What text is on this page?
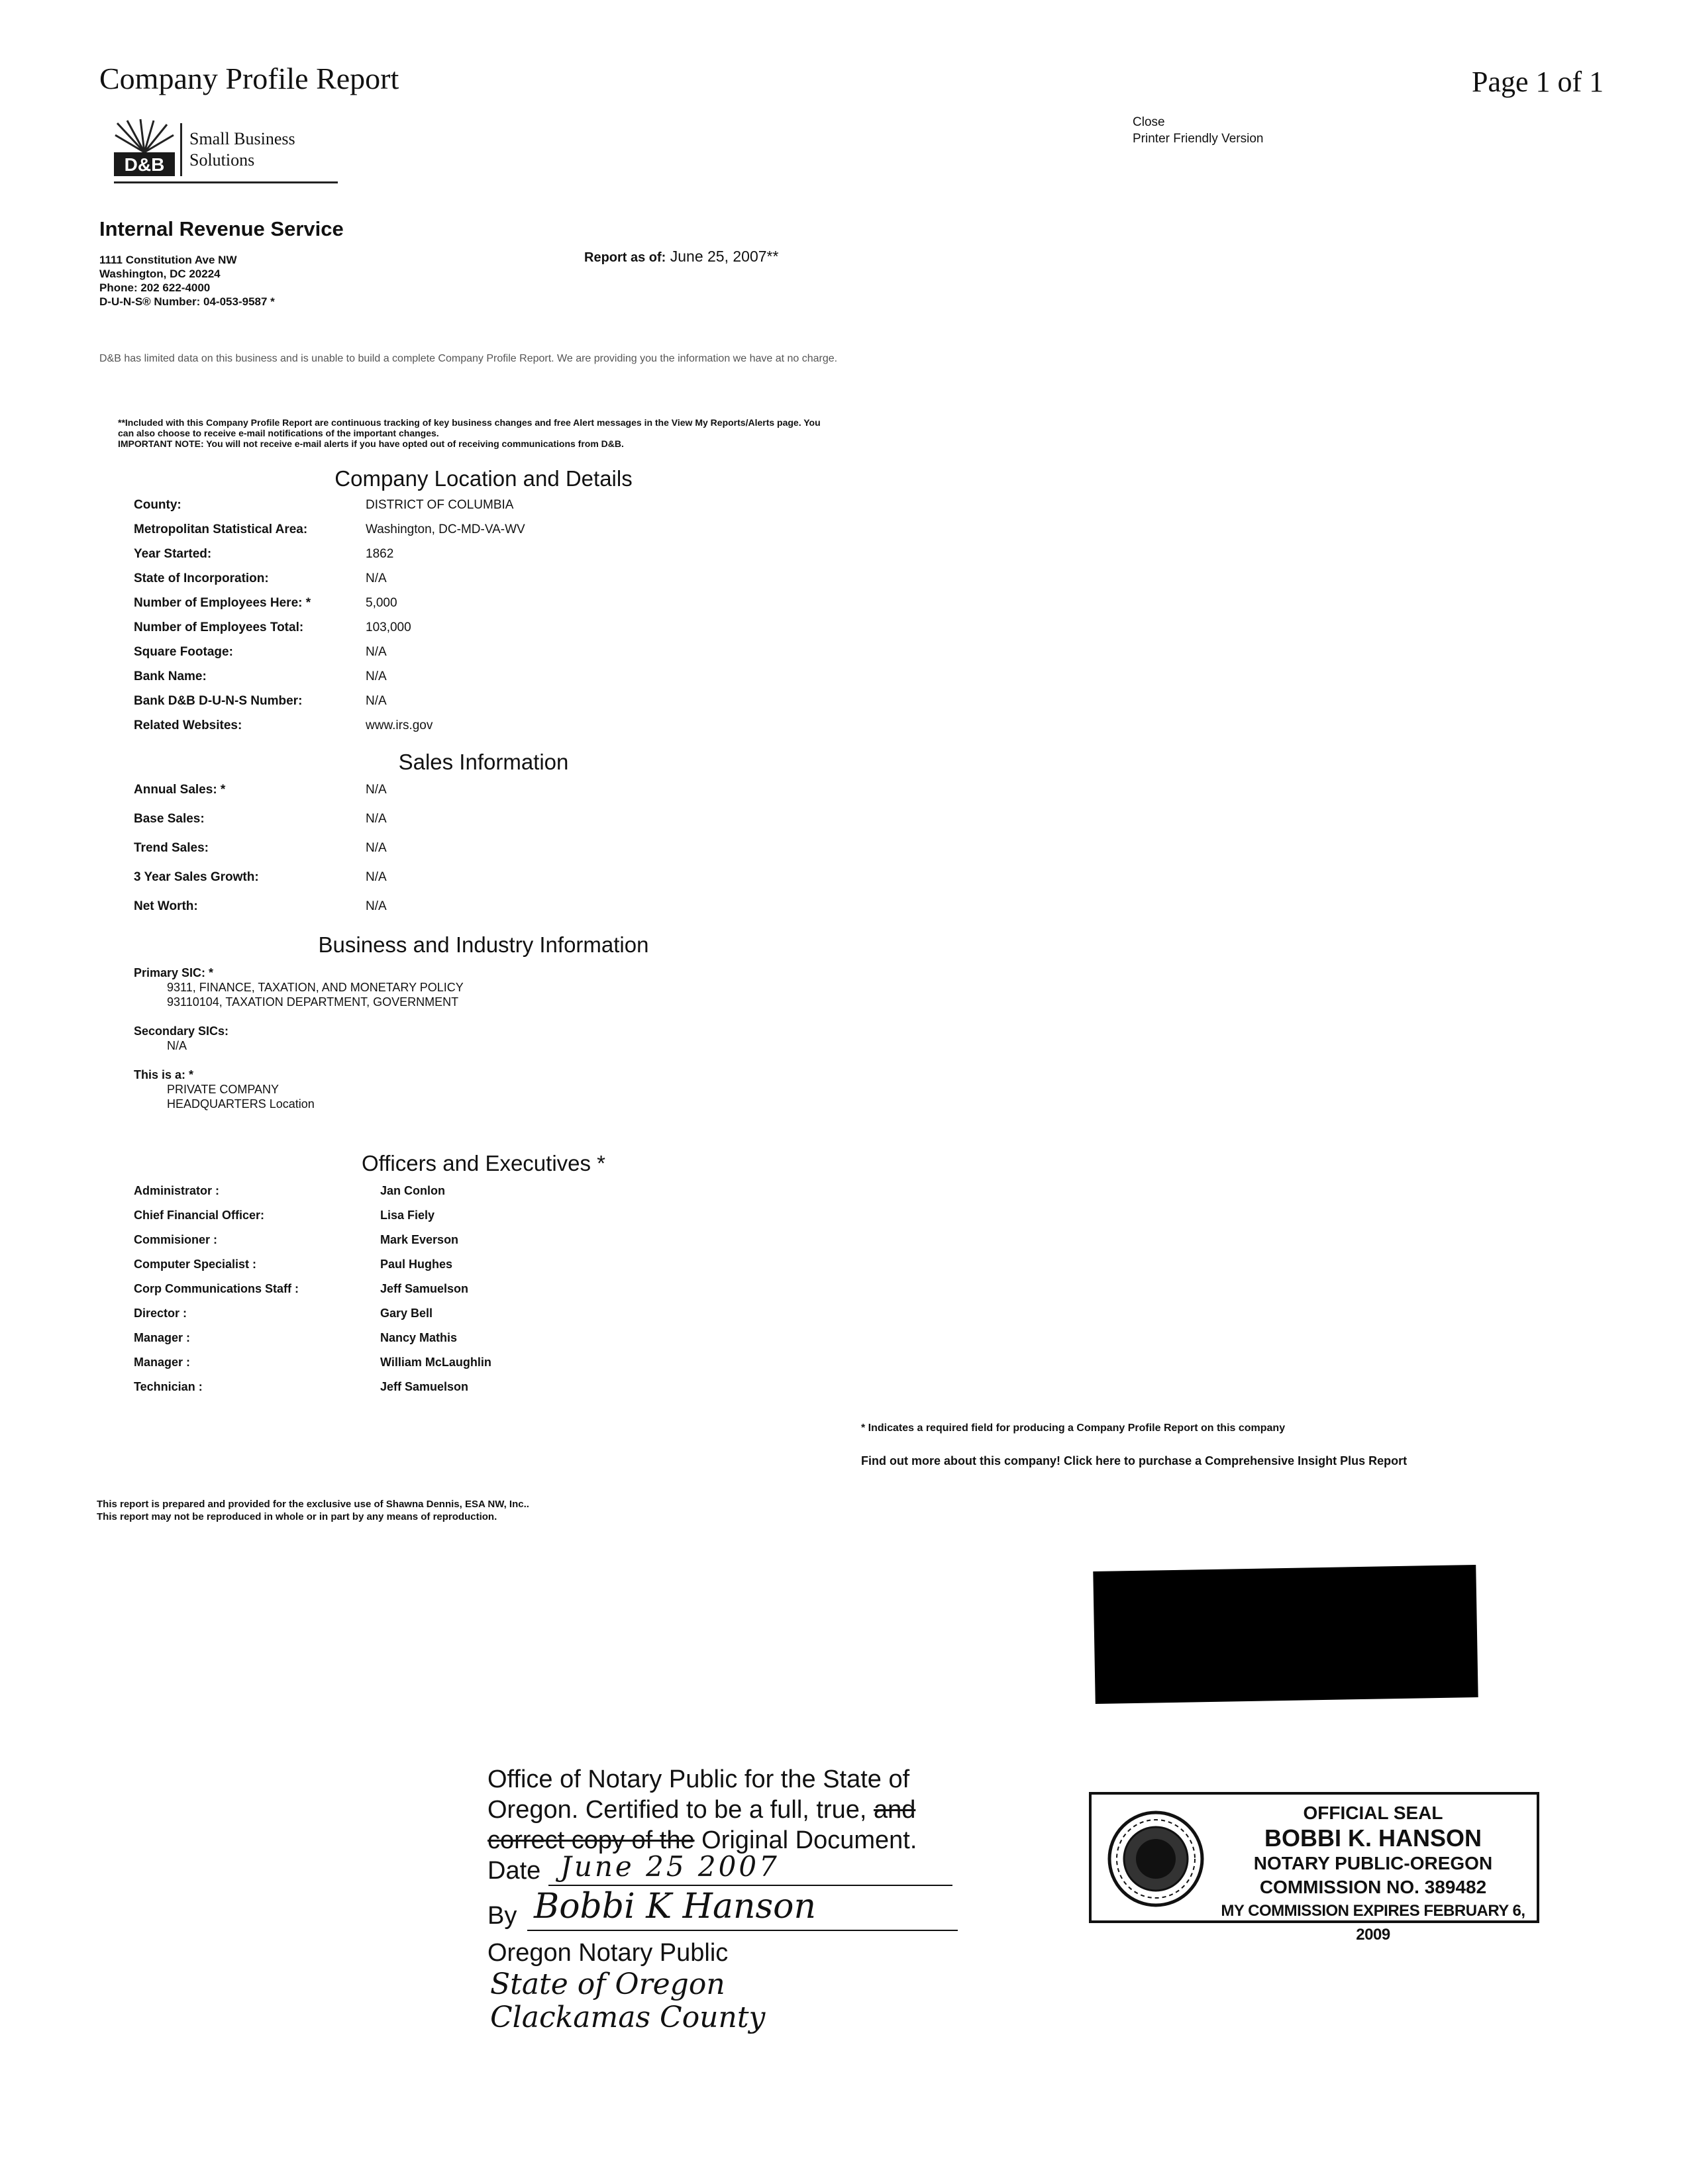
Company Profile Report	Page 1 of 1
Close
Printer Friendly Version
D&B
Small Business
Solutions
Internal Revenue Service
1111 Constitution Ave NW
Washington, DC 20224
Phone: 202 622-4000
D-U-N-S® Number: 04-053-9587 *
Report as of: June 25, 2007**
D&B has limited data on this business and is unable to build a complete Company Profile Report. We are providing you the information we have at no charge.
**Included with this Company Profile Report are continuous tracking of key business changes and free Alert messages in the View My Reports/Alerts page. You can also choose to receive e-mail notifications of the important changes.
IMPORTANT NOTE: You will not receive e-mail alerts if you have opted out of receiving communications from D&B.
Company Location and Details
County:	DISTRICT OF COLUMBIA
Metropolitan Statistical Area:	Washington, DC-MD-VA-WV
Year Started:	1862
State of Incorporation:	N/A
Number of Employees Here: *	5,000
Number of Employees Total:	103,000
Square Footage:	N/A
Bank Name:	N/A
Bank D&B D-U-N-S Number:	N/A
Related Websites:	www.irs.gov
Sales Information
Annual Sales: *	N/A
Base Sales:	N/A
Trend Sales:	N/A
3 Year Sales Growth:	N/A
Net Worth:	N/A
Business and Industry Information
Primary SIC: *
9311, FINANCE, TAXATION, AND MONETARY POLICY
93110104, TAXATION DEPARTMENT, GOVERNMENT
Secondary SICs:
N/A
This is a: *
PRIVATE COMPANY
HEADQUARTERS Location
Officers and Executives *
Administrator :	Jan Conlon
Chief Financial Officer:	Lisa Fiely
Commisioner :	Mark Everson
Computer Specialist :	Paul Hughes
Corp Communications Staff :	Jeff Samuelson
Director :	Gary Bell
Manager :	Nancy Mathis
Manager :	William McLaughlin
Technician :	Jeff Samuelson
* Indicates a required field for producing a Company Profile Report on this company
Find out more about this company! Click here to purchase a Comprehensive Insight Plus Report
This report is prepared and provided for the exclusive use of Shawna Dennis, ESA NW, Inc..
This report may not be reproduced in whole or in part by any means of reproduction.
Office of Notary Public for the State of
Oregon. Certified to be a full, true, and
correct copy of the Original Document.
Date June 25 2007
By Bobbi K Hanson
Oregon Notary Public
State of Oregon
Clackamas County
OFFICIAL SEAL
BOBBI K. HANSON
NOTARY PUBLIC-OREGON
COMMISSION NO. 389482
MY COMMISSION EXPIRES FEBRUARY 6, 2009
